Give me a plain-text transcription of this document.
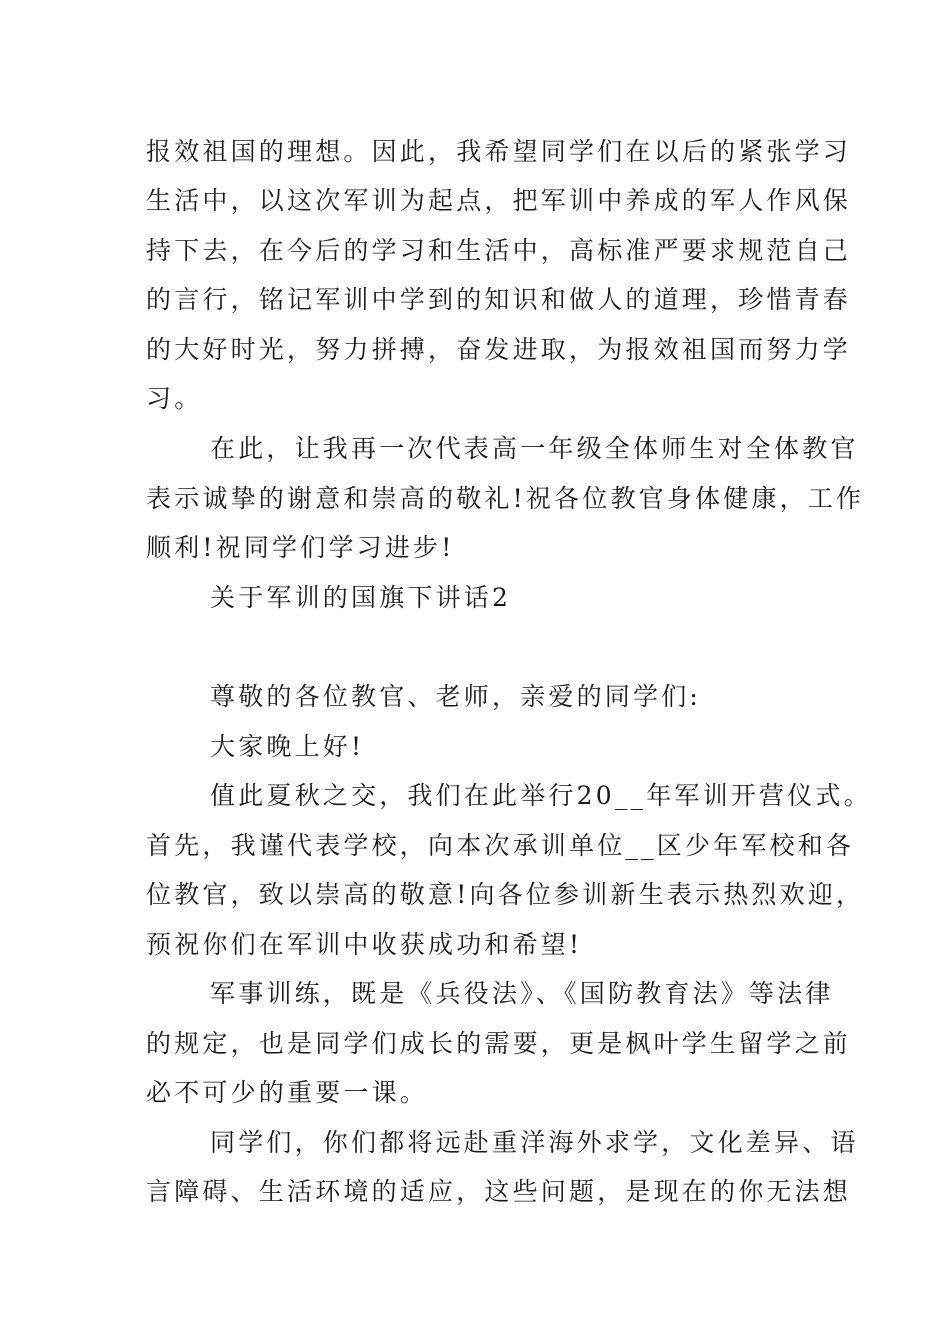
报效祖国的理想。因此，我希望同学们在以后的紧张学习
生活中，以这次军训为起点，把军训中养成的军人作风保
持下去，在今后的学习和生活中，高标准严要求规范自己
的言行，铭记军训中学到的知识和做人的道理，珍惜青春
的大好时光，努力拼搏，奋发进取，为报效祖国而努力学
习。
在此，让我再一次代表高一年级全体师生对全体教官
表示诚挚的谢意和崇高的敬礼!祝各位教官身体健康，工作
顺利!祝同学们学习进步!
关于军训的国旗下讲话2
尊敬的各位教官、老师，亲爱的同学们:
大家晚上好!
值此夏秋之交，我们在此举行20__年军训开营仪式。
首先，我谨代表学校，向本次承训单位__区少年军校和各
位教官，致以崇高的敬意!向各位参训新生表示热烈欢迎，
预祝你们在军训中收获成功和希望!
军事训练，既是《兵役法》、《国防教育法》等法律
的规定，也是同学们成长的需要，更是枫叶学生留学之前
必不可少的重要一课。
同学们，你们都将远赴重洋海外求学，文化差异、语
言障碍、生活环境的适应，这些问题，是现在的你无法想
